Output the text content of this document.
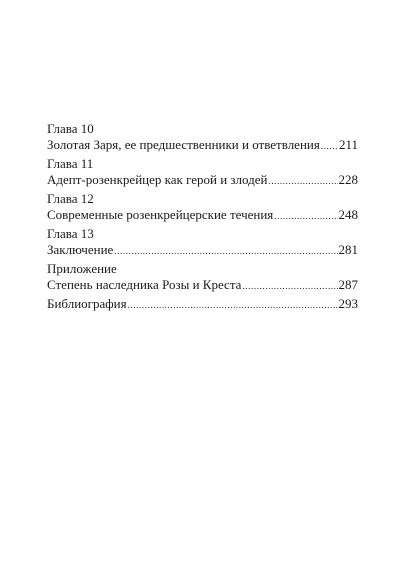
Глава 10
Золотая Заря, ее предшественники и ответвления ..... 211
Глава 11
Адепт-розенкрейцер как герой и злодей .....	228
Глава 12
Современные розенкрейцерские течения .....	248
Глава 13
Заключение .....	281
Приложение
Степень наследника Розы и Креста .....	287
Библиография .....	293
